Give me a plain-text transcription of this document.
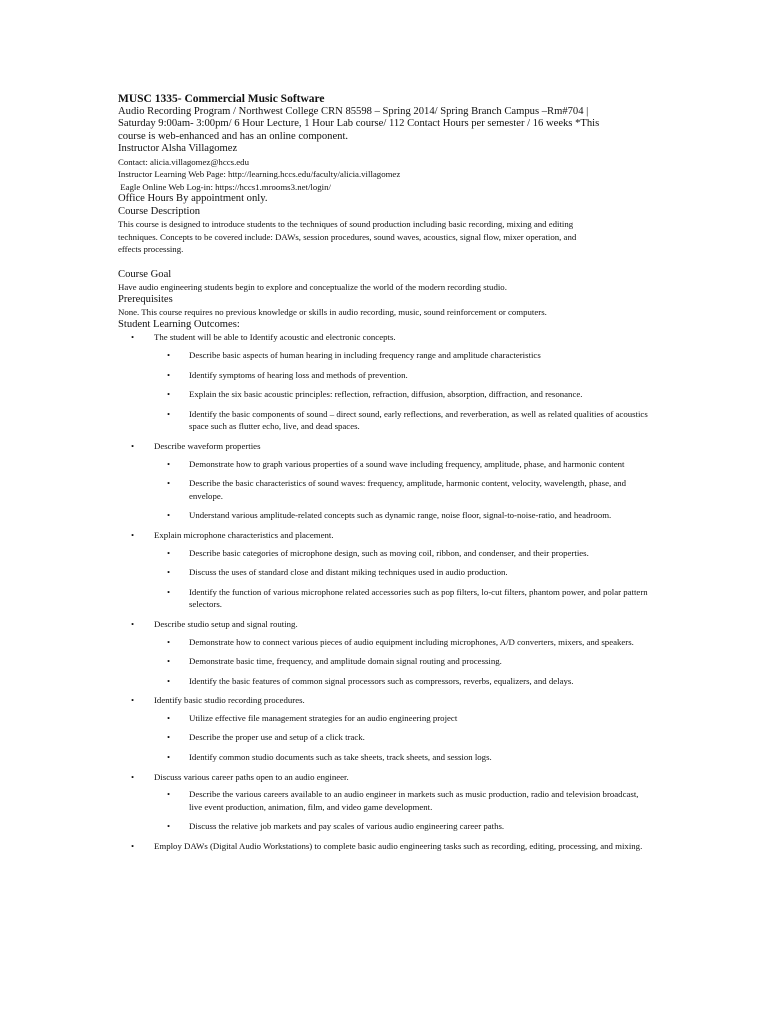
MUSC 1335- Commercial Music Software

Audio Recording Program / Northwest College CRN 85598 – Spring 2014/ Spring Branch Campus –Rm#704 |

Saturday 9:00am- 3:00pm/ 6 Hour Lecture, 1 Hour Lab course/ 112 Contact Hours per semester / 16 weeks *This

course is web-enhanced and has an online component.

Instructor Alsha Villagomez

Contact: alicia.villagomez@hccs.edu

Instructor Learning Web Page: http://learning.hccs.edu/faculty/alicia.villagomez

Eagle Online Web Log-in: https://hccs1.mrooms3.net/login/

Office Hours By appointment only.

Course Description

This course is designed to introduce students to the techniques of sound production including basic recording, mixing and editing

techniques. Concepts to be covered include: DAWs, session procedures, sound waves, acoustics, signal flow, mixer operation, and

effects processing.

Course Goal

Have audio engineering students begin to explore and conceptualize the world of the modern recording studio.

Prerequisites

None. This course requires no previous knowledge or skills in audio recording, music, sound reinforcement or computers.

Student Learning Outcomes:

• The student will be able to Identify acoustic and electronic concepts.
• Describe basic aspects of human hearing in including frequency range and amplitude characteristics
• Identify symptoms of hearing loss and methods of prevention.
• Explain the six basic acoustic principles: reflection, refraction, diffusion, absorption, diffraction, and resonance.
• Identify the basic components of sound – direct sound, early reflections, and reverberation, as well as related qualities of acoustics space such as flutter echo, live, and dead spaces.
• Describe waveform properties
• Demonstrate how to graph various properties of a sound wave including frequency, amplitude, phase, and harmonic content
• Describe the basic characteristics of sound waves: frequency, amplitude, harmonic content, velocity, wavelength, phase, and envelope.
• Understand various amplitude-related concepts such as dynamic range, noise floor, signal-to-noise-ratio, and headroom.
• Explain microphone characteristics and placement.
• Describe basic categories of microphone design, such as moving coil, ribbon, and condenser, and their properties.
• Discuss the uses of standard close and distant miking techniques used in audio production.
• Identify the function of various microphone related accessories such as pop filters, lo-cut filters, phantom power, and polar pattern selectors.
• Describe studio setup and signal routing.
• Demonstrate how to connect various pieces of audio equipment including microphones, A/D converters, mixers, and speakers.
• Demonstrate basic time, frequency, and amplitude domain signal routing and processing.
• Identify the basic features of common signal processors such as compressors, reverbs, equalizers, and delays.
• Identify basic studio recording procedures.
• Utilize effective file management strategies for an audio engineering project
• Describe the proper use and setup of a click track.
• Identify common studio documents such as take sheets, track sheets, and session logs.
• Discuss various career paths open to an audio engineer.
• Describe the various careers available to an audio engineer in markets such as music production, radio and television broadcast, live event production, animation, film, and video game development.
• Discuss the relative job markets and pay scales of various audio engineering career paths.
• Employ DAWs (Digital Audio Workstations) to complete basic audio engineering tasks such as recording, editing, processing, and mixing.
